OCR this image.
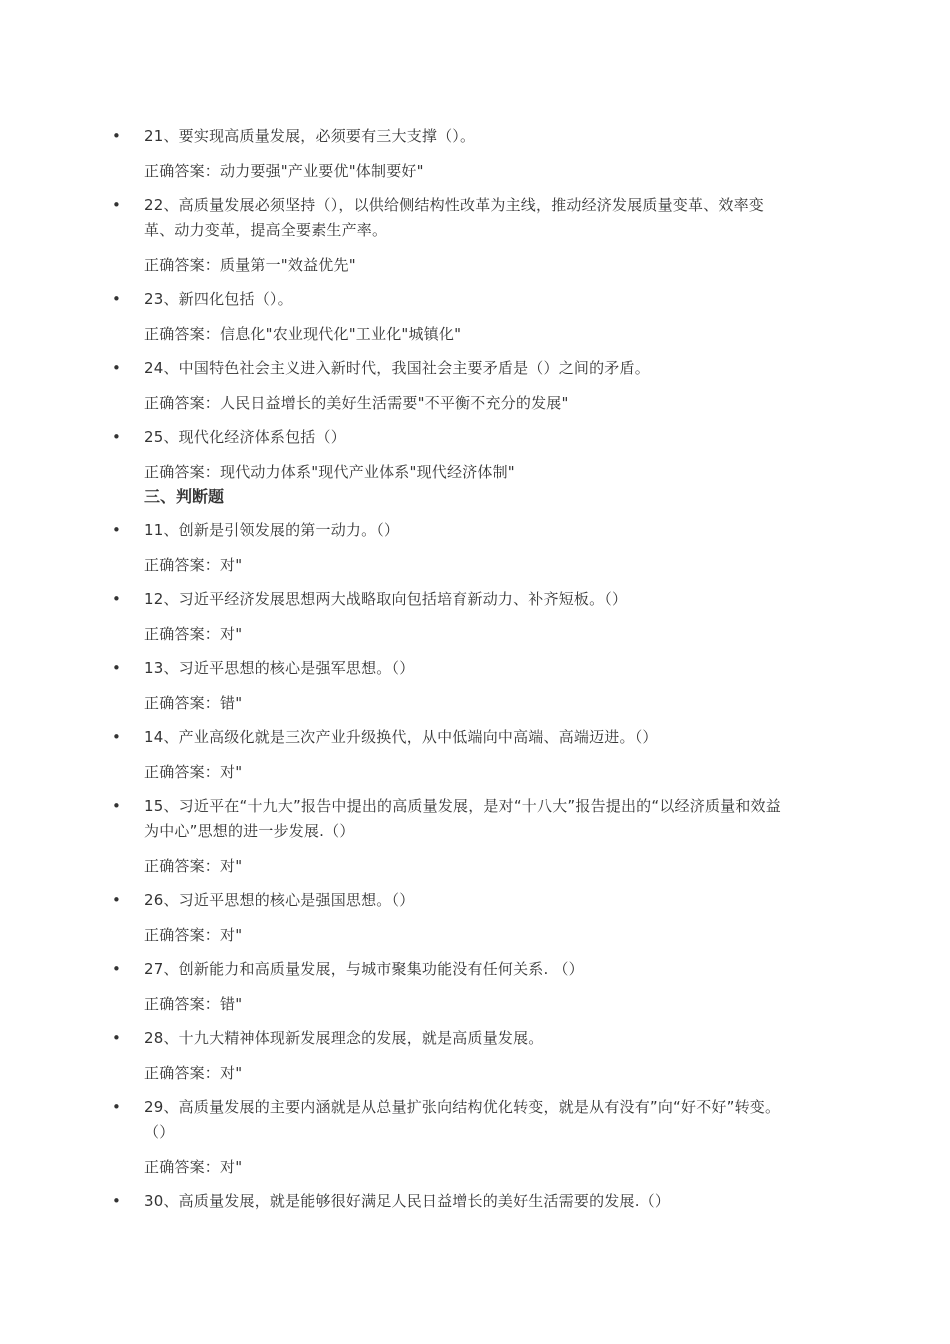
• 21、要实现高质量发展，必须要有三大支撑（）。

正确答案：动力要强"产业要优"体制要好"

• 22、高质量发展必须坚持（），以供给侧结构性改革为主线，推动经济发展质量变革、效率变革、动力变革，提高全要素生产率。

正确答案：质量第一"效益优先"

• 23、新四化包括（）。

正确答案：信息化"农业现代化"工业化"城镇化"

• 24、中国特色社会主义进入新时代，我国社会主要矛盾是（）之间的矛盾。

正确答案：人民日益增长的美好生活需要"不平衡不充分的发展"

• 25、现代化经济体系包括（）

正确答案：现代动力体系"现代产业体系"现代经济体制"

三、判断题
• 11、创新是引领发展的第一动力。（）

正确答案：对"

• 12、习近平经济发展思想两大战略取向包括培育新动力、补齐短板。（）

正确答案：对"

• 13、习近平思想的核心是强军思想。（）

正确答案：错"

• 14、产业高级化就是三次产业升级换代，从中低端向中高端、高端迈进。（）

正确答案：对"

• 15、习近平在“十九大”报告中提出的高质量发展，是对“十八大”报告提出的“以经济质量和效益为中心”思想的进一步发展.（）

正确答案：对"

• 26、习近平思想的核心是强国思想。（）

正确答案：对"

• 27、创新能力和高质量发展，与城市聚集功能没有任何关系. （）

正确答案：错"

• 28、十九大精神体现新发展理念的发展，就是高质量发展。

正确答案：对"

• 29、高质量发展的主要内涵就是从总量扩张向结构优化转变，就是从有没有”向“好不好”转变。（）

正确答案：对"

• 30、高质量发展，就是能够很好满足人民日益增长的美好生活需要的发展.（）
